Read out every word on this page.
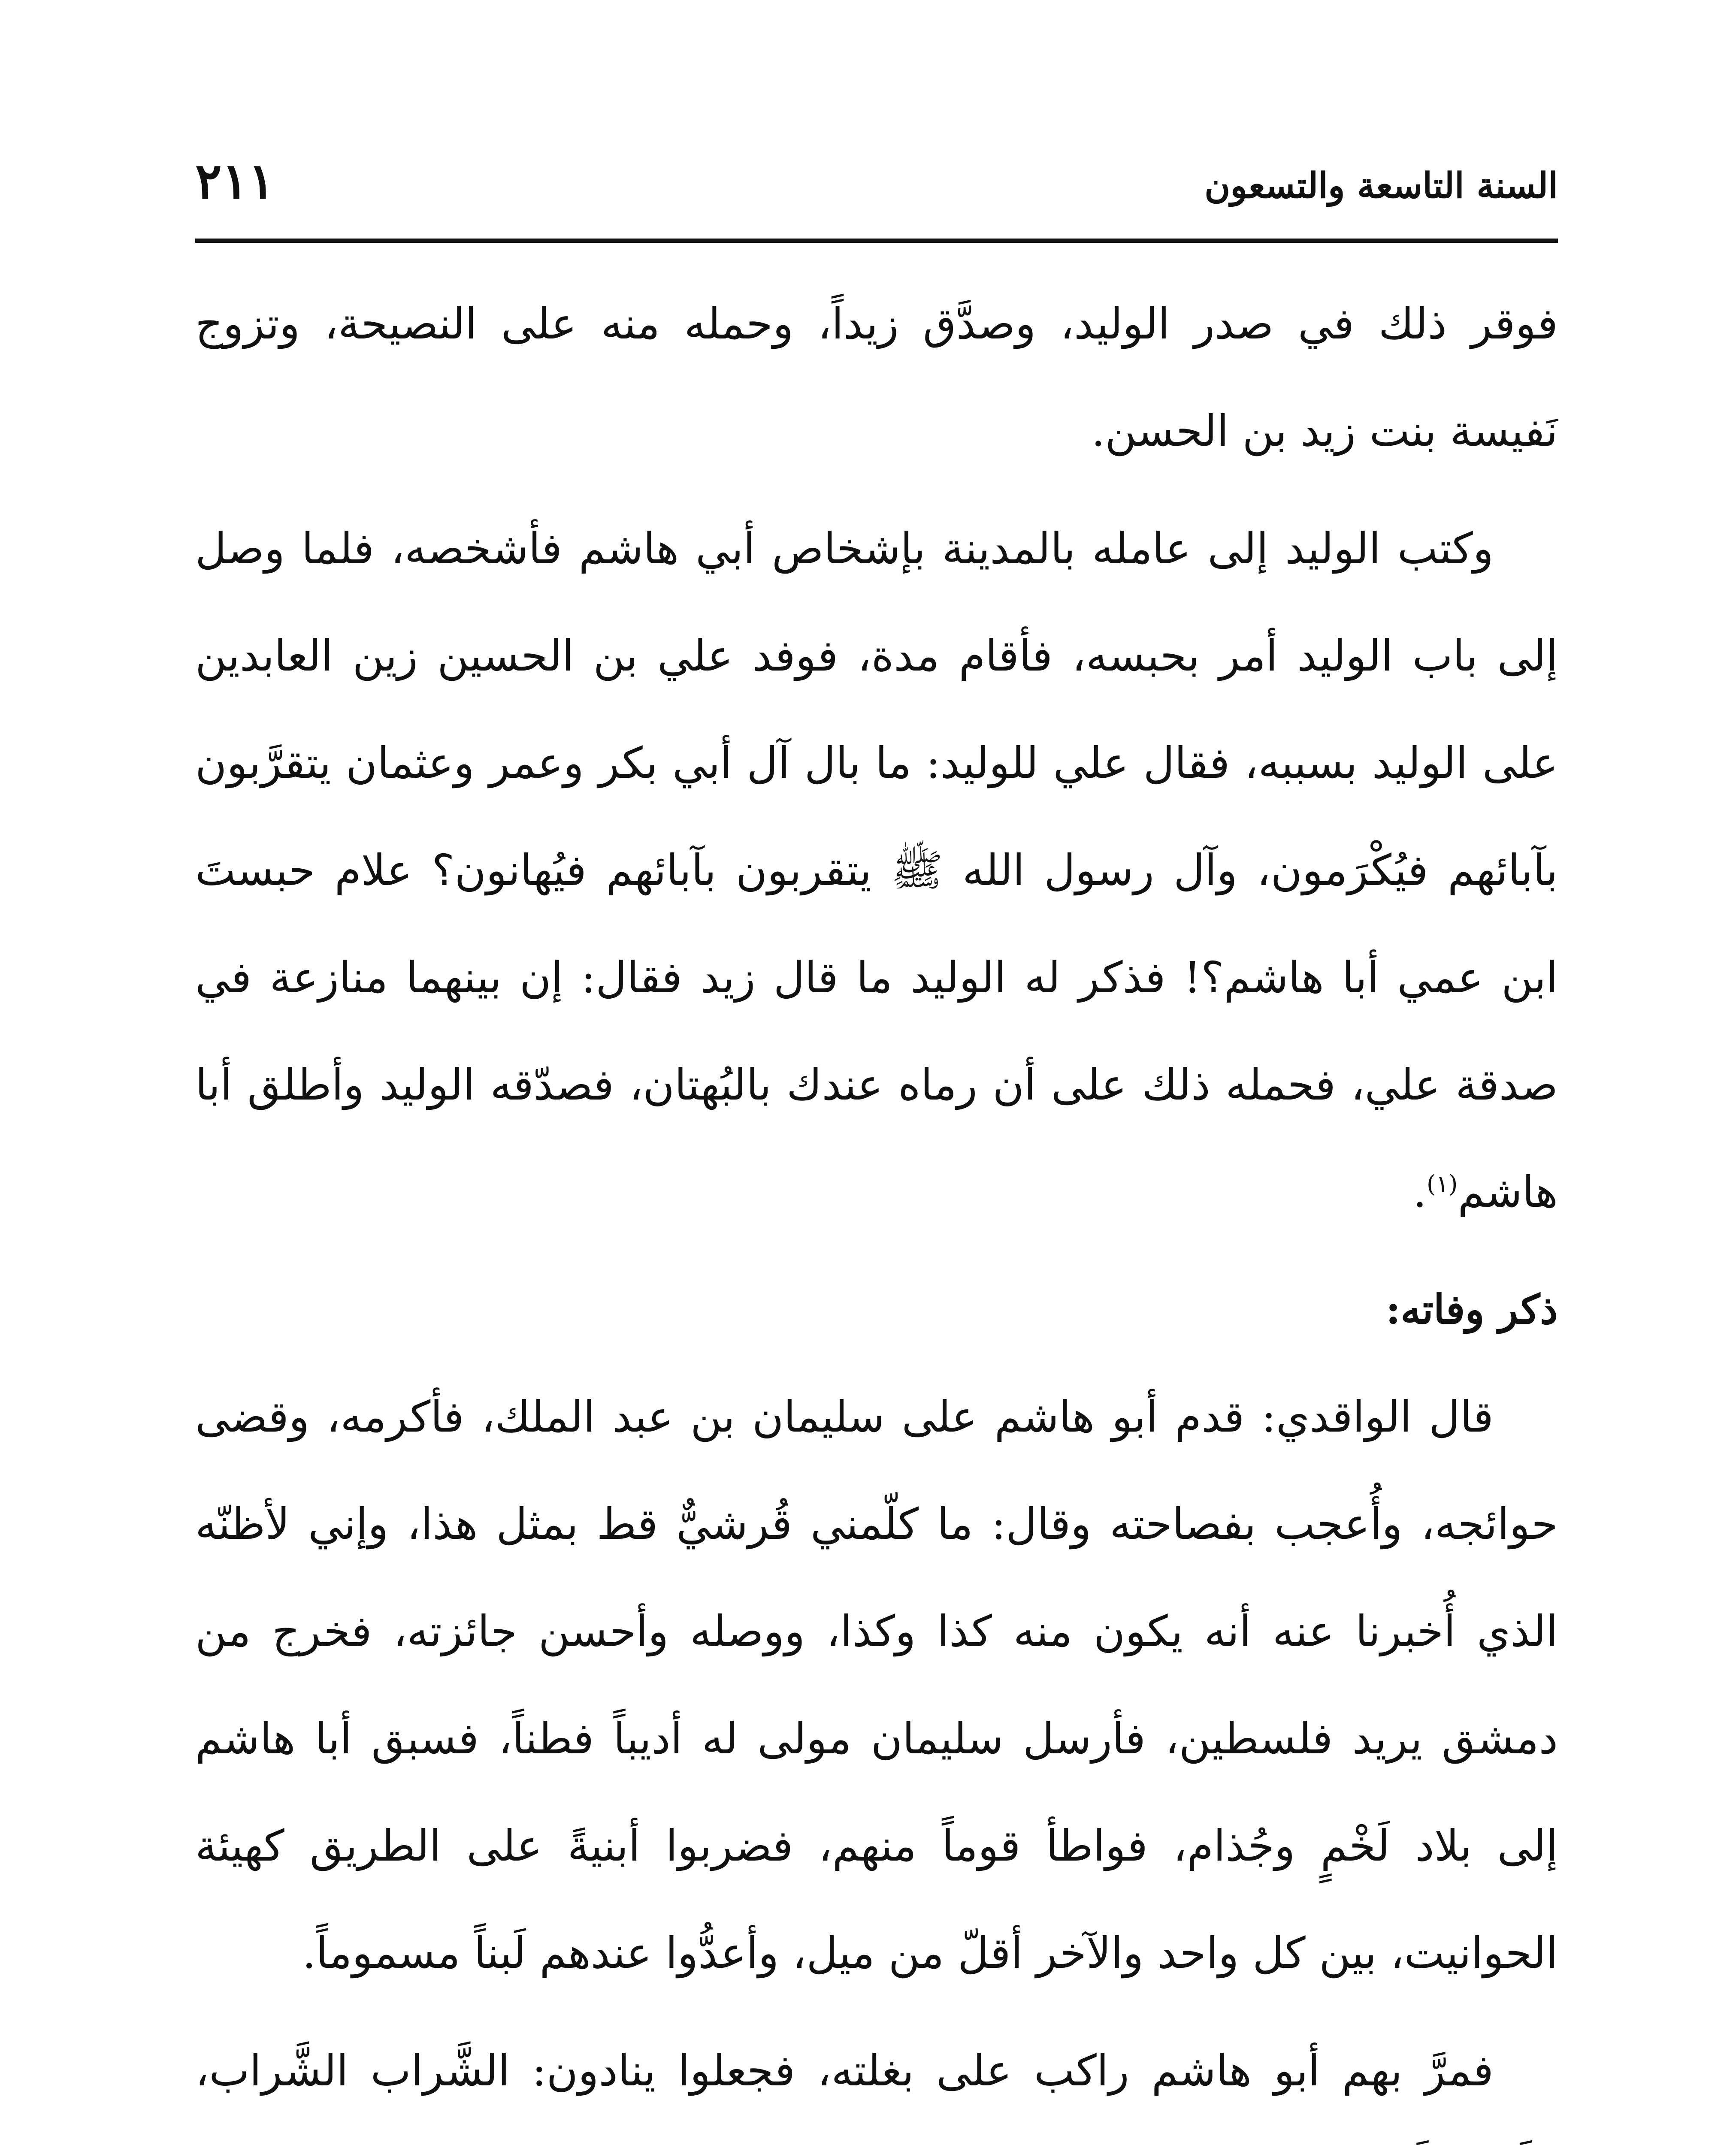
٢١١	السنة التاسعة والتسعون

فوقر ذلك في صدر الوليد، وصدَّق زيداً، وحمله منه على النصيحة، وتزوج نَفيسة بنت زيد بن الحسن.

وكتب الوليد إلى عامله بالمدينة بإشخاص أبي هاشم فأشخصه، فلما وصل إلى باب الوليد أمر بحبسه، فأقام مدة، فوفد علي بن الحسين زين العابدين على الوليد بسببه، فقال علي للوليد: ما بال آل أبي بكر وعمر وعثمان يتقرَّبون بآبائهم فيُكْرَمون، وآل رسول الله ﷺ يتقربون بآبائهم فيُهانون؟ علام حبستَ ابن عمي أبا هاشم؟! فذكر له الوليد ما قال زيد فقال: إن بينهما منازعة في صدقة علي، فحمله ذلك على أن رماه عندك بالبُهتان، فصدّقه الوليد وأطلق أبا هاشم$^{(١)}$.

ذكر وفاته:

قال الواقدي: قدم أبو هاشم على سليمان بن عبد الملك، فأكرمه، وقضى حوائجه، وأُعجب بفصاحته وقال: ما كلّمني قُرشيٌّ قط بمثل هذا، وإني لأظنّه الذي أُخبرنا عنه أنه يكون منه كذا وكذا، ووصله وأحسن جائزته، فخرج من دمشق يريد فلسطين، فأرسل سليمان مولى له أديباً فطناً، فسبق أبا هاشم إلى بلاد لَخْمٍ وجُذام، فواطأ قوماً منهم، فضربوا أبنيةً على الطريق كهيئة الحوانيت، بين كل واحد والآخر أقلّ من ميل، وأعدُّوا عندهم لَبناً مسموماً.

فمرَّ بهم أبو هاشم راكب على بغلته، فجعلوا ينادون: الشَّراب الشَّراب،
